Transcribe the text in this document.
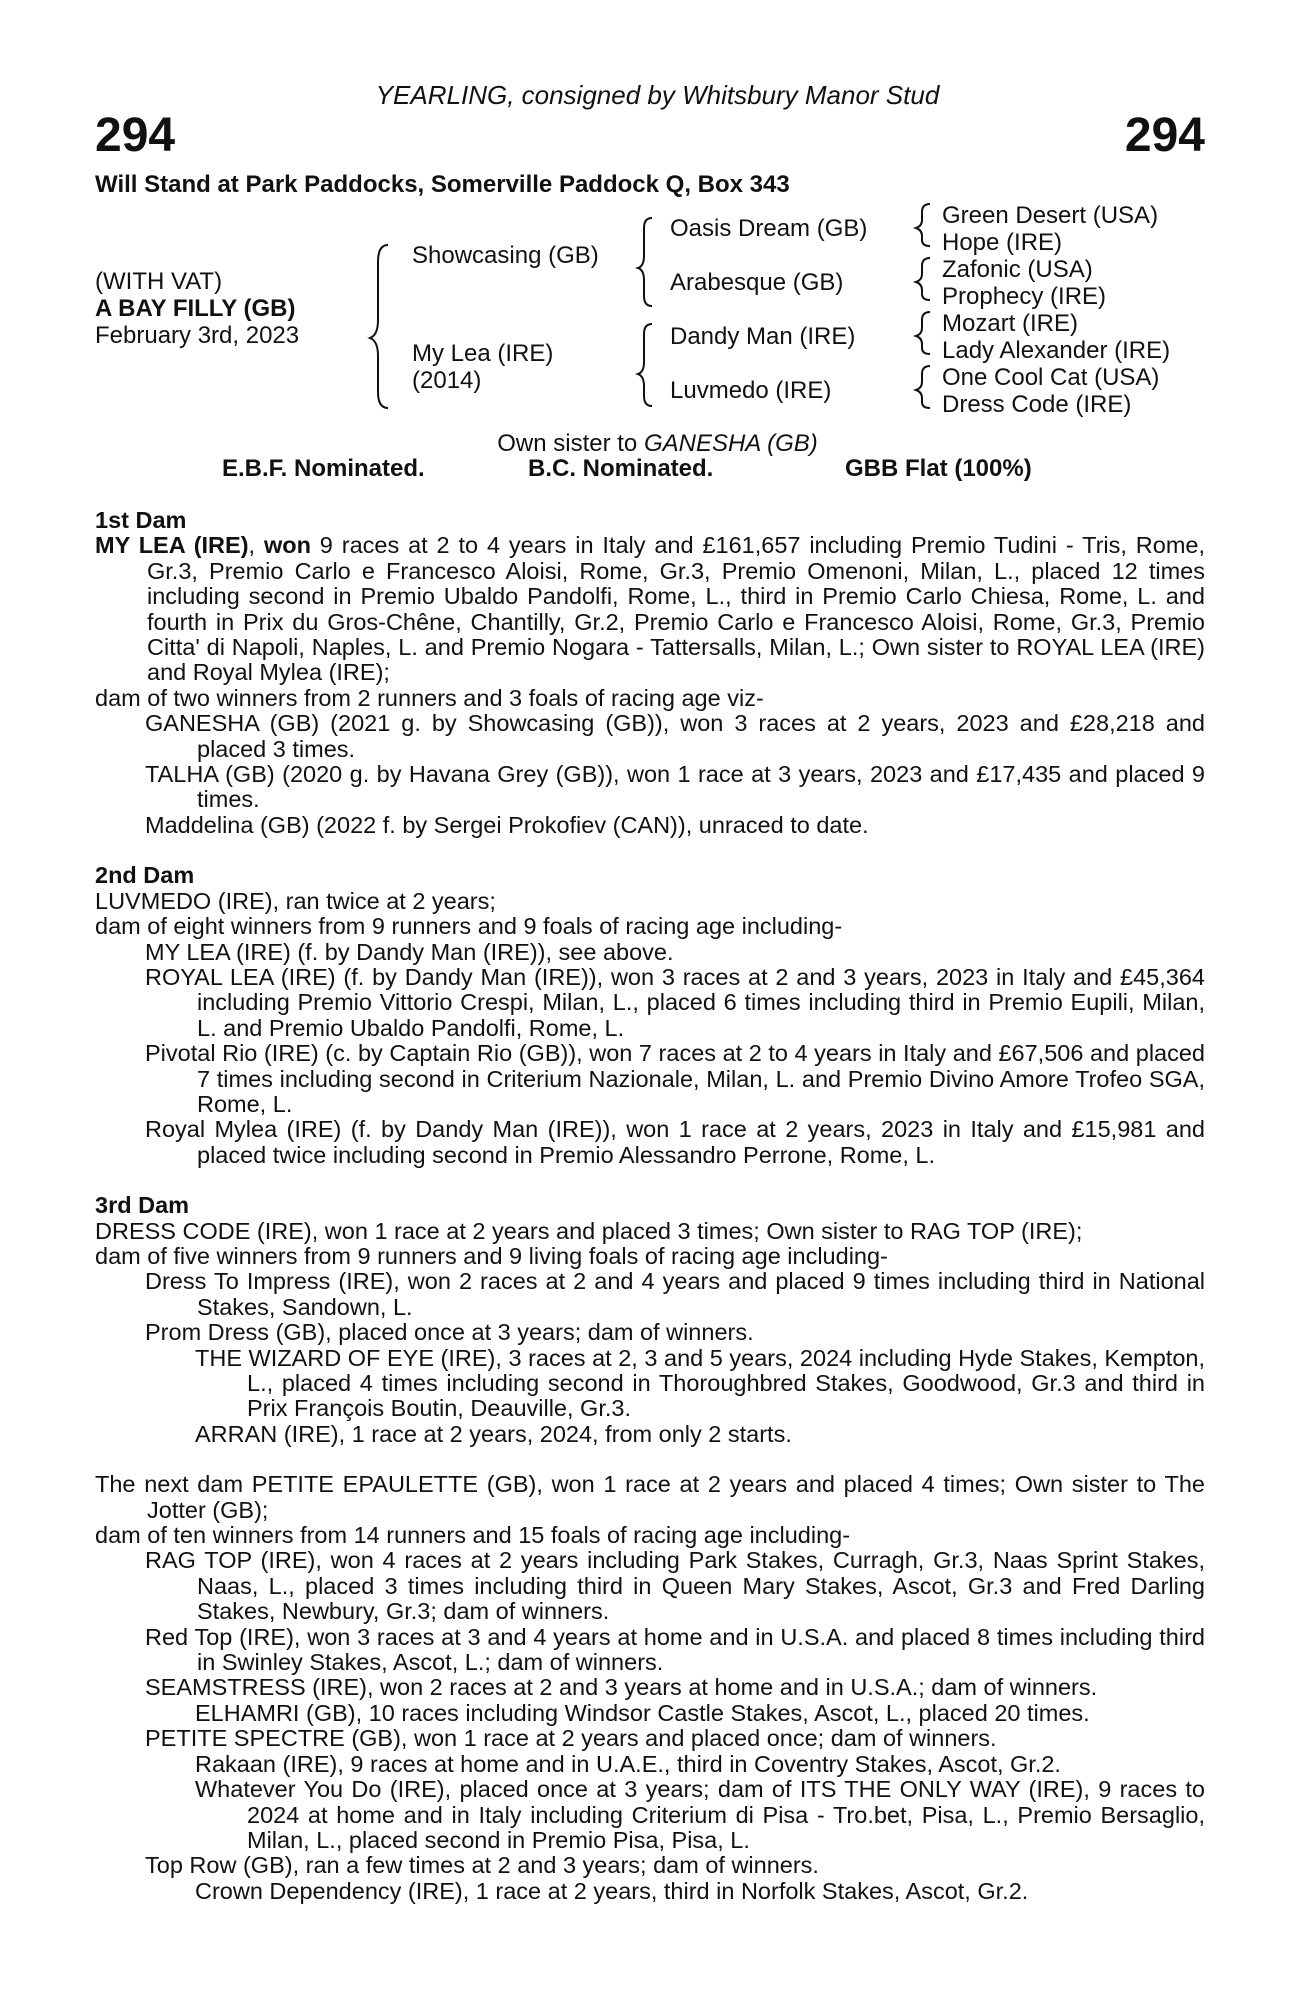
YEARLING, consigned by Whitsbury Manor Stud
294	294
Will Stand at Park Paddocks, Somerville Paddock Q, Box 343
(WITH VAT)
A BAY FILLY (GB)
February 3rd, 2023
Showcasing (GB)
My Lea (IRE)
(2014)
Oasis Dream (GB)
Arabesque (GB)
Dandy Man (IRE)
Luvmedo (IRE)
Green Desert (USA)
Hope (IRE)
Zafonic (USA)
Prophecy (IRE)
Mozart (IRE)
Lady Alexander (IRE)
One Cool Cat (USA)
Dress Code (IRE)
Own sister to GANESHA (GB)
E.B.F. Nominated.	B.C. Nominated.	GBB Flat (100%)

1st Dam

MY LEA (IRE), won 9 races at 2 to 4 years in Italy and £161,657 including Premio Tudini - Tris, Rome, Gr.3, Premio Carlo e Francesco Aloisi, Rome, Gr.3, Premio Omenoni, Milan, L., placed 12 times including second in Premio Ubaldo Pandolfi, Rome, L., third in Premio Carlo Chiesa, Rome, L. and fourth in Prix du Gros-Chêne, Chantilly, Gr.2, Premio Carlo e Francesco Aloisi, Rome, Gr.3, Premio Citta' di Napoli, Naples, L. and Premio Nogara - Tattersalls, Milan, L.; Own sister to ROYAL LEA (IRE) and Royal Mylea (IRE);

dam of two winners from 2 runners and 3 foals of racing age viz-

GANESHA (GB) (2021 g. by Showcasing (GB)), won 3 races at 2 years, 2023 and £28,218 and placed 3 times.

TALHA (GB) (2020 g. by Havana Grey (GB)), won 1 race at 3 years, 2023 and £17,435 and placed 9 times.

Maddelina (GB) (2022 f. by Sergei Prokofiev (CAN)), unraced to date.

2nd Dam

LUVMEDO (IRE), ran twice at 2 years;

dam of eight winners from 9 runners and 9 foals of racing age including-

MY LEA (IRE) (f. by Dandy Man (IRE)), see above.

ROYAL LEA (IRE) (f. by Dandy Man (IRE)), won 3 races at 2 and 3 years, 2023 in Italy and £45,364 including Premio Vittorio Crespi, Milan, L., placed 6 times including third in Premio Eupili, Milan, L. and Premio Ubaldo Pandolfi, Rome, L.

Pivotal Rio (IRE) (c. by Captain Rio (GB)), won 7 races at 2 to 4 years in Italy and £67,506 and placed 7 times including second in Criterium Nazionale, Milan, L. and Premio Divino Amore Trofeo SGA, Rome, L.

Royal Mylea (IRE) (f. by Dandy Man (IRE)), won 1 race at 2 years, 2023 in Italy and £15,981 and placed twice including second in Premio Alessandro Perrone, Rome, L.

3rd Dam

DRESS CODE (IRE), won 1 race at 2 years and placed 3 times; Own sister to RAG TOP (IRE);

dam of five winners from 9 runners and 9 living foals of racing age including-

Dress To Impress (IRE), won 2 races at 2 and 4 years and placed 9 times including third in National Stakes, Sandown, L.

Prom Dress (GB), placed once at 3 years; dam of winners.

THE WIZARD OF EYE (IRE), 3 races at 2, 3 and 5 years, 2024 including Hyde Stakes, Kempton, L., placed 4 times including second in Thoroughbred Stakes, Goodwood, Gr.3 and third in Prix François Boutin, Deauville, Gr.3.

ARRAN (IRE), 1 race at 2 years, 2024, from only 2 starts.

The next dam PETITE EPAULETTE (GB), won 1 race at 2 years and placed 4 times; Own sister to The Jotter (GB);

dam of ten winners from 14 runners and 15 foals of racing age including-

RAG TOP (IRE), won 4 races at 2 years including Park Stakes, Curragh, Gr.3, Naas Sprint Stakes, Naas, L., placed 3 times including third in Queen Mary Stakes, Ascot, Gr.3 and Fred Darling Stakes, Newbury, Gr.3; dam of winners.

Red Top (IRE), won 3 races at 3 and 4 years at home and in U.S.A. and placed 8 times including third in Swinley Stakes, Ascot, L.; dam of winners.

SEAMSTRESS (IRE), won 2 races at 2 and 3 years at home and in U.S.A.; dam of winners.

ELHAMRI (GB), 10 races including Windsor Castle Stakes, Ascot, L., placed 20 times.

PETITE SPECTRE (GB), won 1 race at 2 years and placed once; dam of winners.

Rakaan (IRE), 9 races at home and in U.A.E., third in Coventry Stakes, Ascot, Gr.2.

Whatever You Do (IRE), placed once at 3 years; dam of ITS THE ONLY WAY (IRE), 9 races to 2024 at home and in Italy including Criterium di Pisa - Tro.bet, Pisa, L., Premio Bersaglio, Milan, L., placed second in Premio Pisa, Pisa, L.

Top Row (GB), ran a few times at 2 and 3 years; dam of winners.

Crown Dependency (IRE), 1 race at 2 years, third in Norfolk Stakes, Ascot, Gr.2.
